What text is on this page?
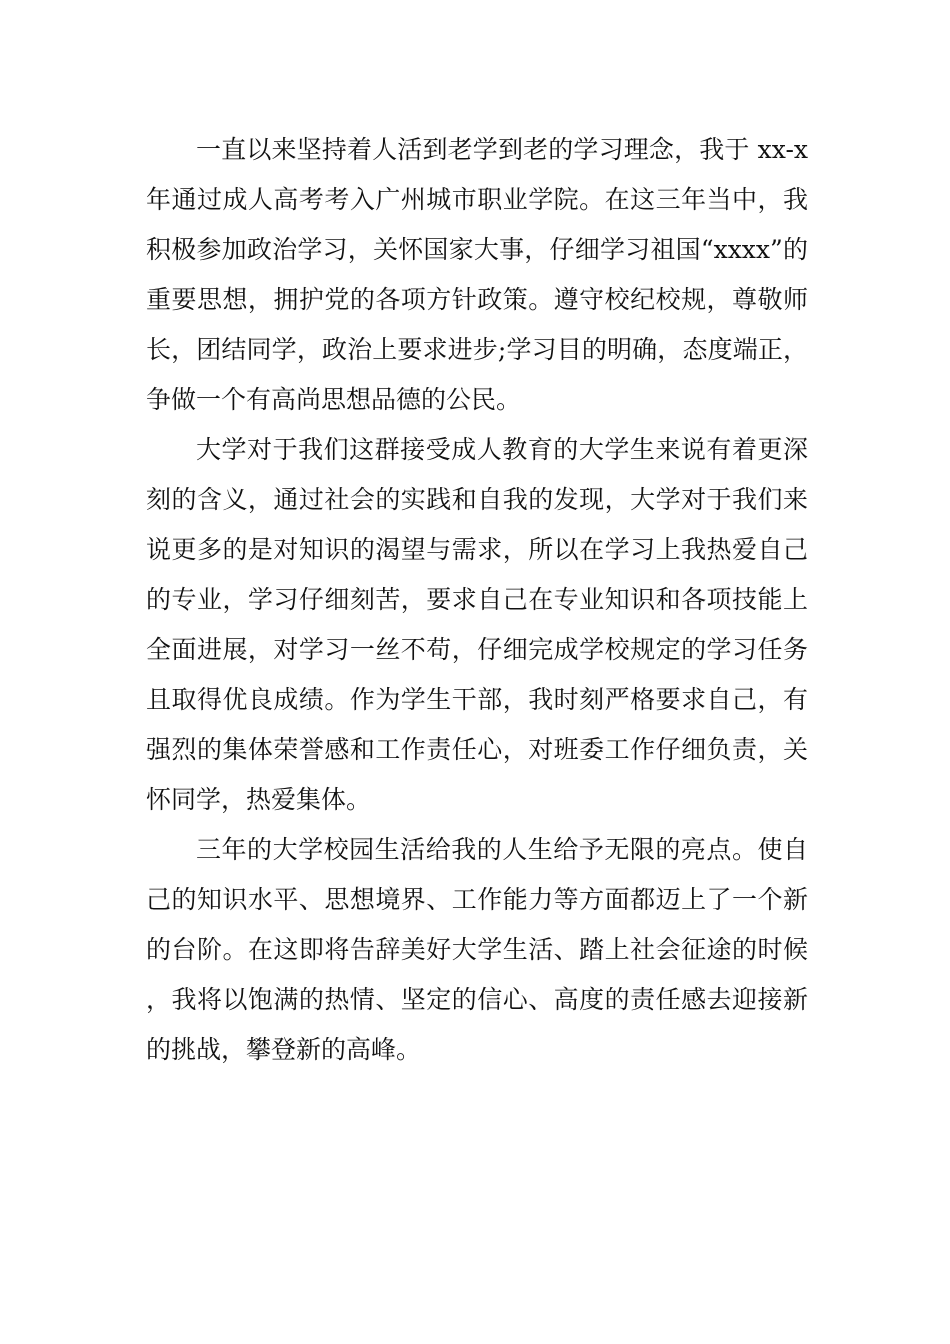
一直以来坚持着人活到老学到老的学习理念，我于 xx-x 年通过成人高考考入广州城市职业学院。在这三年当中，我积极参加政治学习，关怀国家大事，仔细学习祖国“xxxx”的重要思想，拥护党的各项方针政策。遵守校纪校规，尊敬师长，团结同学，政治上要求进步;学习目的明确，态度端正，争做一个有高尚思想品德的公民。

大学对于我们这群接受成人教育的大学生来说有着更深刻的含义，通过社会的实践和自我的发现，大学对于我们来说更多的是对知识的渴望与需求，所以在学习上我热爱自己的专业，学习仔细刻苦，要求自己在专业知识和各项技能上全面进展，对学习一丝不苟，仔细完成学校规定的学习任务且取得优良成绩。作为学生干部，我时刻严格要求自己，有强烈的集体荣誉感和工作责任心，对班委工作仔细负责，关怀同学，热爱集体。

三年的大学校园生活给我的人生给予无限的亮点。使自己的知识水平、思想境界、工作能力等方面都迈上了一个新的台阶。在这即将告辞美好大学生活、踏上社会征途的时候，我将以饱满的热情、坚定的信心、高度的责任感去迎接新的挑战，攀登新的高峰。
